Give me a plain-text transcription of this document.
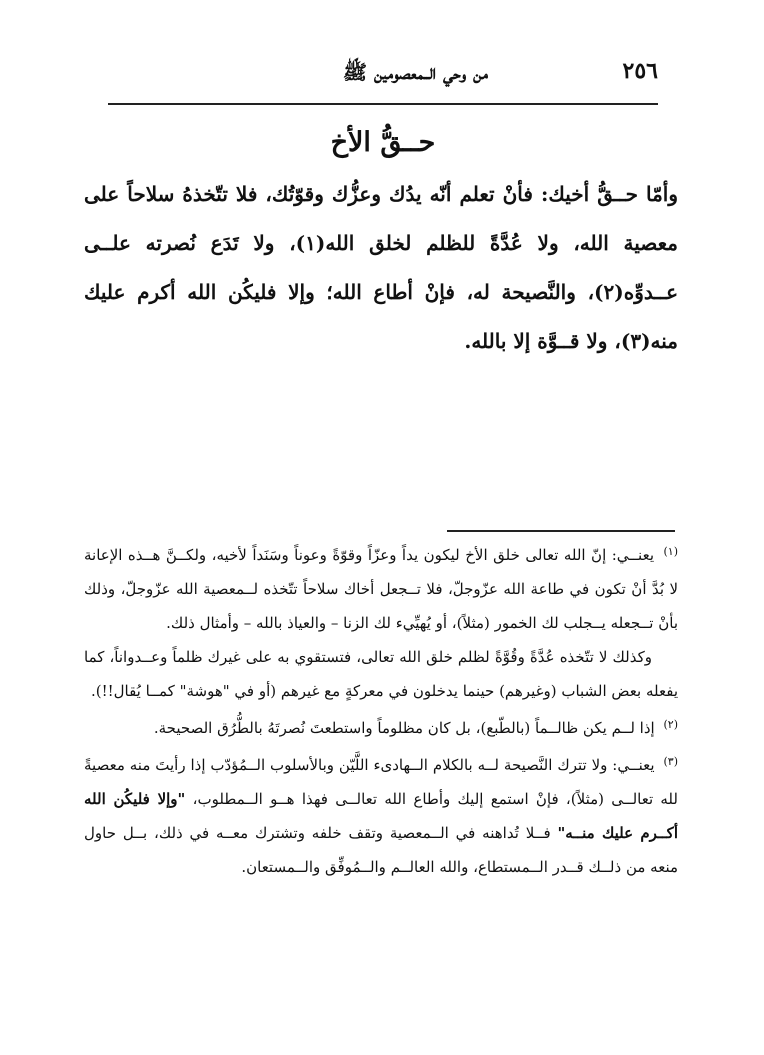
٢٥٦
من وحي الــمعصومين ﷺ
حــقُّ الأخ
وأمّا حــقُّ أخيك: فأنْ تعلم أنّه يدُك وعزُّك وقوّتُك، فلا تتّخذهُ سلاحاً على معصية الله، ولا عُدَّةً للظلم لخلق الله(١)، ولا تَدَع نُصرته علــى عــدوِّه(٢)، والنَّصيحة له، فإنْ أطاع الله؛ وإلا فليكُن الله أكرم عليك منه(٣)، ولا قــوَّة إلا بالله.

$^{(١)}$ يعنــي: إنّ الله تعالى خلق الأخ ليكون يداً وعزّاً وقوّةً وعوناً وسَنَداً لأخيه، ولكــنَّ هــذه الإعانة لا بُدَّ أنْ تكون في طاعة الله عزّوجلّ، فلا تــجعل أخاك سلاحاً تتّخذه لــمعصية الله عزّوجلّ، وذلك بأنْ تــجعله يــجلب لك الخمور (مثلاً)، أو يُهيِّيء لك الزنا – والعياذ بالله – وأمثال ذلك.

وكذلك لا تتّخذه عُدَّةً وقُوَّةً لظلم خلق الله تعالى، فتستقوي به على غيرك ظلماً وعــدواناً، كما يفعله بعض الشباب (وغيرهم) حينما يدخلون في معركةٍ مع غيرهم (أو في "هوشة" كمــا يُقال!!).

$^{(٢)}$ إذا لــم يكن ظالــماً (بالطّبع)، بل كان مظلوماً واستطعتَ نُصرتَهُ بالطُّرُق الصحيحة.

$^{(٣)}$ يعنــي: ولا تترك النَّصيحة لــه بالكلام الــهادىء اللَّيّن وبالأسلوب الــمُؤدّب إذا رأيتَ منه معصيةً لله تعالــى (مثلاً)، فإنْ استمع إليك وأطاع الله تعالــى فهذا هــو الــمطلوب، "وإلا فليكُن الله أكــرم عليك منــه" فــلا تُداهنه في الــمعصية وتقف خلفه وتشترك معــه في ذلك، بــل حاول منعه من ذلــك قــدر الــمستطاع، والله العالــم والــمُوفِّق والــمستعان.
